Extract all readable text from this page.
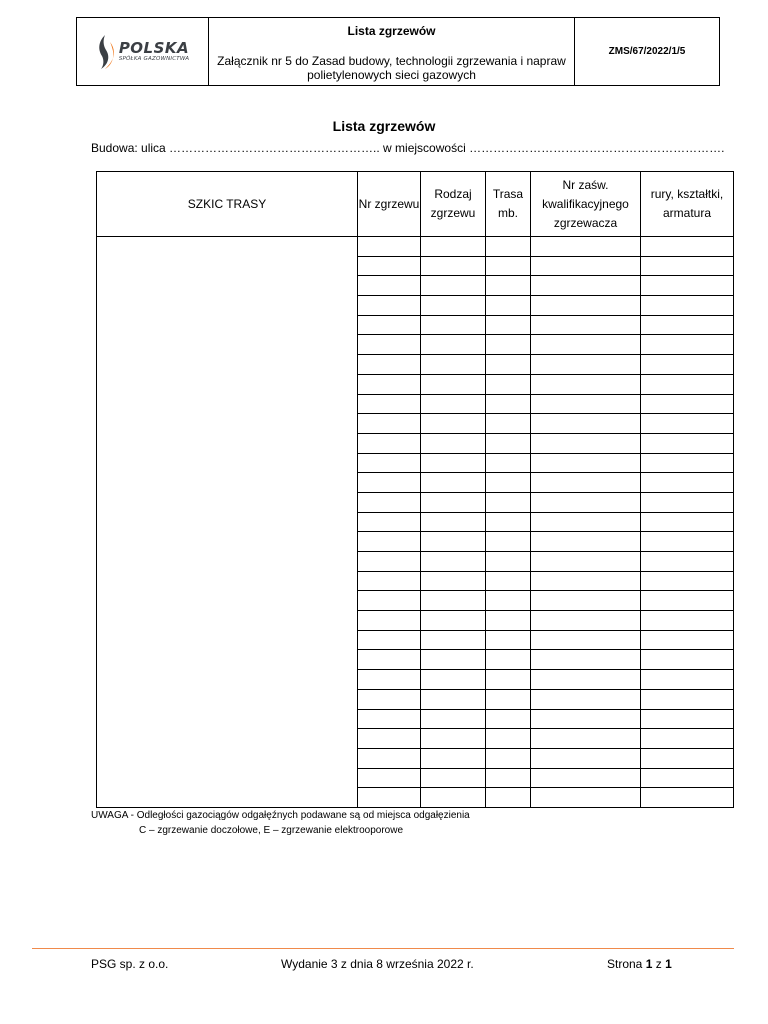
POLSKA
SPÓŁKA GAZOWNICTWA
Lista zgrzewów
Załącznik nr 5 do Zasad budowy, technologii zgrzewania i napraw polietylenowych sieci gazowych
ZMS/67/2022/1/5
Lista zgrzewów
Budowa: ulica …………………………………………….. w miejscowości ……………………………………………………….
SZKIC TRASY	Nr zgrzewu	Rodzaj zgrzewu	Trasa mb.	Nr zaśw. kwalifikacyjnego zgrzewacza	rury, kształtki, armatura

UWAGA - Odległości gazociągów odgałęźnych podawane są od miejsca odgałęzienia
C – zgrzewanie doczołowe, E – zgrzewanie elektrooporowe
PSG sp. z o.o.	Wydanie 3 z dnia 8 września 2022 r.	Strona 1 z 1
